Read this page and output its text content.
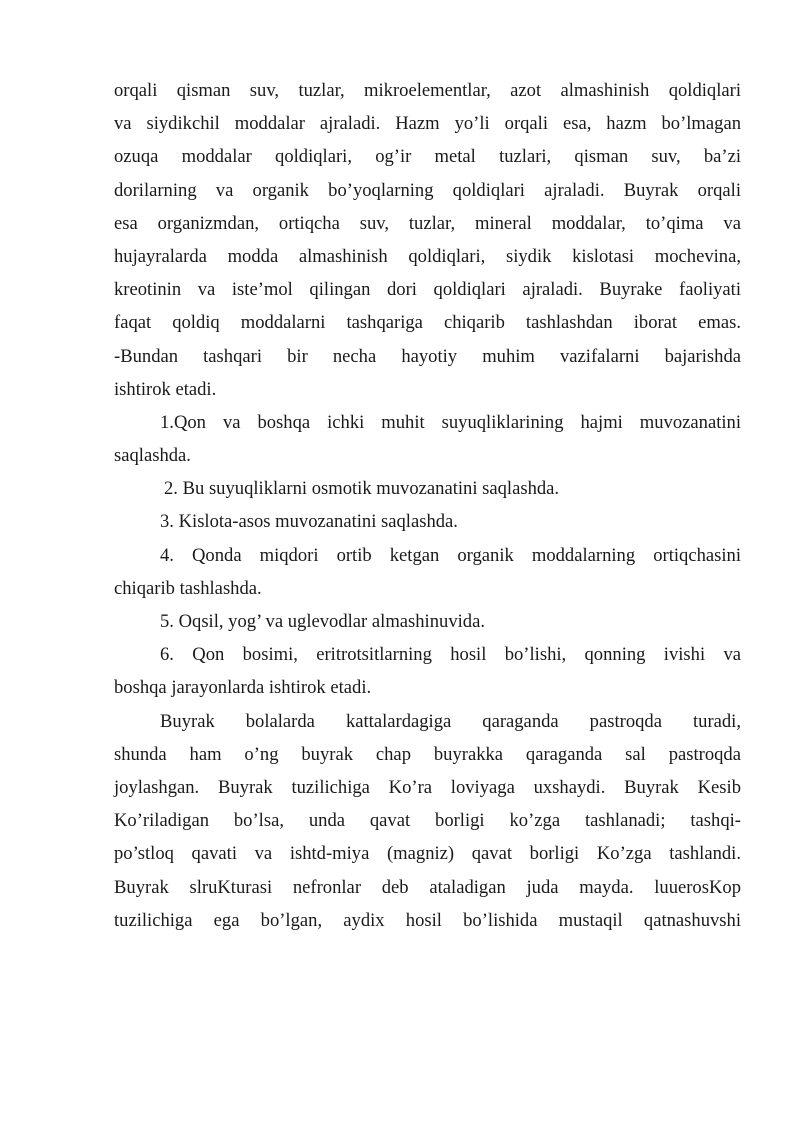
orqali qisman suv, tuzlar, mikroelementlar, azot almashinish qoldiqlari
va siydikchil moddalar ajraladi. Hazm yo’li orqali esa, hazm bo’lmagan
ozuqa moddalar qoldiqlari, og’ir metal tuzlari, qisman suv, ba’zi
dorilarning va organik bo’yoqlarning qoldiqlari ajraladi. Buyrak orqali
esa organizmdan, ortiqcha suv, tuzlar, mineral moddalar, to’qima va
hujayralarda modda almashinish qoldiqlari, siydik kislotasi mochevina,
kreotinin va iste’mol qilingan dori qoldiqlari ajraladi. Buyrake faoliyati
faqat qoldiq moddalarni tashqariga chiqarib tashlashdan iborat emas.
-Bundan tashqari bir necha hayotiy muhim vazifalarni bajarishda
ishtirok etadi.
1.Qon va boshqa ichki muhit suyuqliklarining hajmi muvozanatini
saqlashda.
2. Bu suyuqliklarni osmotik muvozanatini saqlashda.
3. Kislota-asos muvozanatini saqlashda.
4. Qonda miqdori ortib ketgan organik moddalarning ortiqchasini
chiqarib tashlashda.
5. Oqsil, yog’ va uglevodlar almashinuvida.
6. Qon bosimi, eritrotsitlarning hosil bo’lishi, qonning ivishi va
boshqa jarayonlarda ishtirok etadi.
Buyrak bolalarda kattalardagiga qaraganda pastroqda turadi,
shunda ham o’ng buyrak chap buyrakka qaraganda sal pastroqda
joylashgan. Buyrak tuzilichiga Ko’ra loviyaga uxshaydi. Buyrak Kesib
Ko’riladigan bo’lsa, unda qavat borligi ko’zga tashlanadi; tashqi-
po’stloq qavati va ishtd-miya (magniz) qavat borligi Ko’zga tashlandi.
Buyrak slruKturasi nefronlar deb ataladigan juda mayda. luuerosKop
tuzilichiga ega bo’lgan, aydix hosil bo’lishida mustaqil qatnashuvshi
